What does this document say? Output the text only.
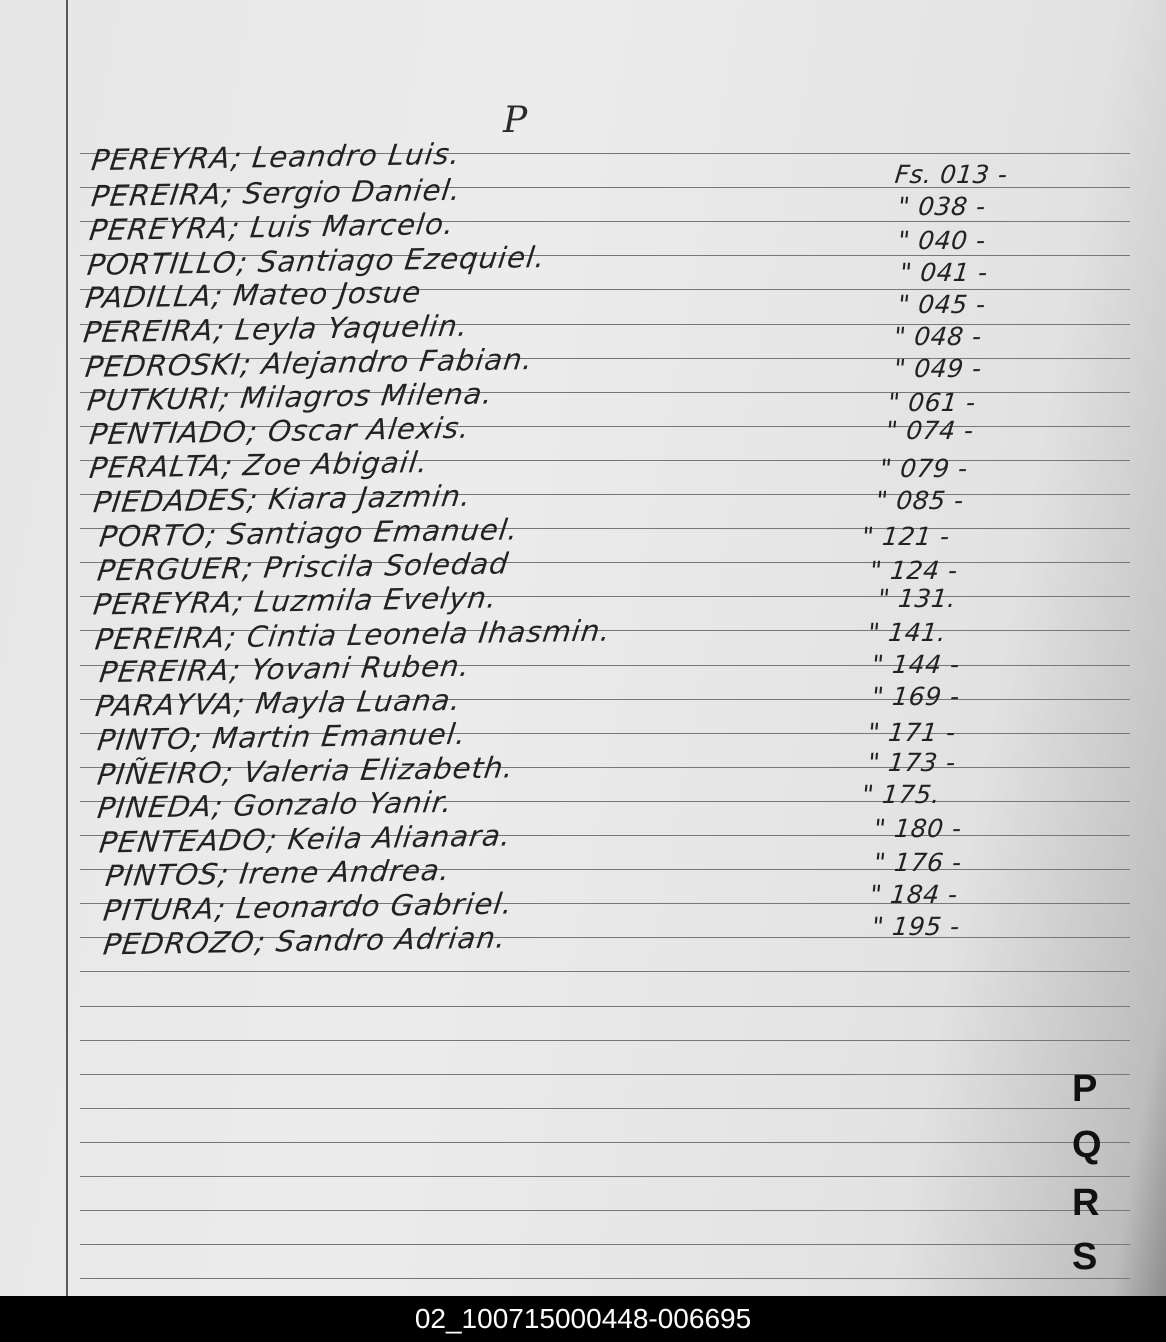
P
PEREYRA; Leandro Luis.	Fs. 013 -
PEREIRA; Sergio Daniel.	" 038 -
PEREYRA; Luis Marcelo.	" 040 -
PORTILLO; Santiago Ezequiel.	" 041 -
PADILLA; Mateo Josue	" 045 -
PEREIRA; Leyla Yaquelin.	" 048 -
PEDROSKI; Alejandro Fabian.	" 049 -
PUTKURI; Milagros Milena.	" 061 -
PENTIADO; Oscar Alexis.	" 074 -
PERALTA; Zoe Abigail.	" 079 -
PIEDADES; Kiara Jazmin.	" 085 -
PORTO; Santiago Emanuel.	" 121 -
PERGUER; Priscila Soledad	" 124 -
PEREYRA; Luzmila Evelyn.	" 131.
PEREIRA; Cintia Leonela Ihasmin.	" 141.
PEREIRA; Yovani Ruben.	" 144 -
PARAYVA; Mayla Luana.	" 169 -
PINTO; Martin Emanuel.	" 171 -
PIÑEIRO; Valeria Elizabeth.	" 173 -
PINEDA; Gonzalo Yanir.	" 175.
PENTEADO; Keila Alianara.	" 180 -
PINTOS; Irene Andrea.	" 176 -
PITURA; Leonardo Gabriel.	" 184 -
PEDROZO; Sandro Adrian.	" 195 -
P
Q
R
S
02_100715000448-006695
